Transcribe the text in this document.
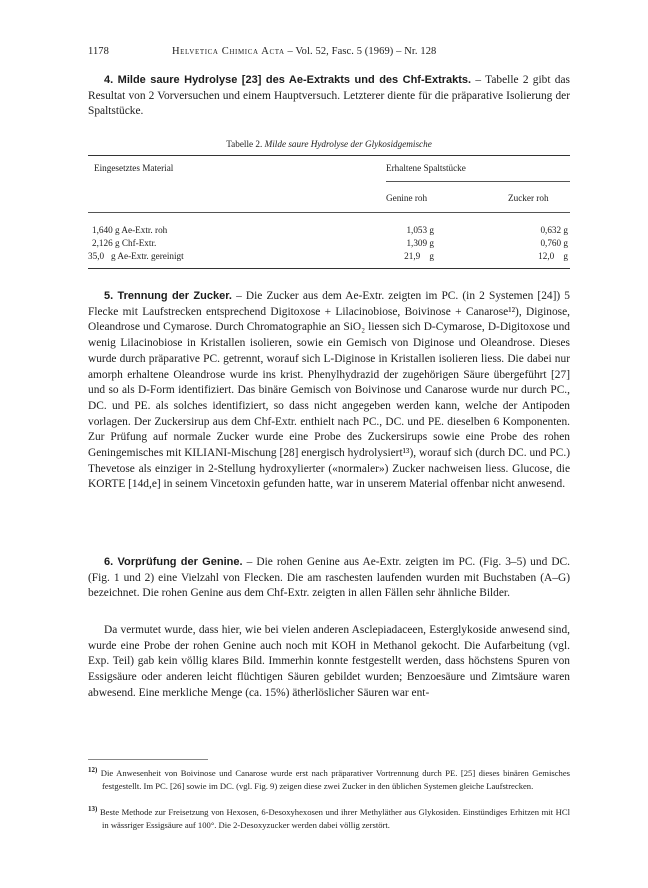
1178	Helvetica Chimica Acta – Vol. 52, Fasc. 5 (1969) – Nr. 128
4. Milde saure Hydrolyse [23] des Ae-Extrakts und des Chf-Extrakts. – Tabelle 2 gibt das Resultat von 2 Vorversuchen und einem Hauptversuch. Letzterer diente für die präparative Isolierung der Spaltstücke.
Tabelle 2. Milde saure Hydrolyse der Glykosidgemische
Eingesetztes Material	Erhaltene Spaltstücke
Genine roh	Zucker roh
1,640 g Ae-Extr. roh	1,053 g	0,632 g
2,126 g Chf-Extr.	1,309 g	0,760 g
35,0   g Ae-Extr. gereinigt	21,9    g	12,0    g
5. Trennung der Zucker. – Die Zucker aus dem Ae-Extr. zeigten im PC. (in 2 Systemen [24]) 5 Flecke mit Laufstrecken entsprechend Digitoxose + Lilacinobiose, Boivinose + Canarose¹²), Diginose, Oleandrose und Cymarose. Durch Chromatographie an SiO₂ liessen sich D-Cymarose, D-Digitoxose und wenig Lilacinobiose in Kristallen isolieren, sowie ein Gemisch von Diginose und Oleandrose. Dieses wurde durch präparative PC. getrennt, worauf sich L-Diginose in Kristallen isolieren liess. Die dabei nur amorph erhaltene Oleandrose wurde ins krist. Phenylhydrazid der zugehörigen Säure übergeführt [27] und so als D-Form identifiziert. Das binäre Gemisch von Boivinose und Canarose wurde nur durch PC., DC. und PE. als solches identifiziert, so dass nicht angegeben werden kann, welche der Antipoden vorlagen. Der Zuckersirup aus dem Chf-Extr. enthielt nach PC., DC. und PE. dieselben 6 Komponenten. Zur Prüfung auf normale Zucker wurde eine Probe des Zuckersirups sowie eine Probe des rohen Geningemisches mit KILIANI-Mischung [28] energisch hydrolysiert¹³), worauf sich (durch DC. und PC.) Thevetose als einziger in 2-Stellung hydroxylierter («normaler») Zucker nachweisen liess. Glucose, die KORTE [14d,e] in seinem Vincetoxin gefunden hatte, war in unserem Material offenbar nicht anwesend.
6. Vorprüfung der Genine. – Die rohen Genine aus Ae-Extr. zeigten im PC. (Fig. 3–5) und DC. (Fig. 1 und 2) eine Vielzahl von Flecken. Die am raschesten laufenden wurden mit Buchstaben (A–G) bezeichnet. Die rohen Genine aus dem Chf-Extr. zeigten in allen Fällen sehr ähnliche Bilder.
Da vermutet wurde, dass hier, wie bei vielen anderen Asclepiadaceen, Esterglykoside anwesend sind, wurde eine Probe der rohen Genine auch noch mit KOH in Methanol gekocht. Die Aufarbeitung (vgl. Exp. Teil) gab kein völlig klares Bild. Immerhin konnte festgestellt werden, dass höchstens Spuren von Essigsäure oder anderen leicht flüchtigen Säuren gebildet wurden; Benzoesäure und Zimtsäure waren abwesend. Eine merkliche Menge (ca. 15%) ätherlöslicher Säuren war ent-
$^{12)}$ Die Anwesenheit von Boivinose und Canarose wurde erst nach präparativer Vortrennung durch PE. [25] dieses binären Gemisches festgestellt. Im PC. [26] sowie im DC. (vgl. Fig. 9) zeigen diese zwei Zucker in den üblichen Systemen gleiche Laufstrecken.
$^{13)}$ Beste Methode zur Freisetzung von Hexosen, 6-Desoxyhexosen und ihrer Methyläther aus Glykosiden. Einstündiges Erhitzen mit HCl in wässriger Essigsäure auf 100°. Die 2-Desoxyzucker werden dabei völlig zerstört.
